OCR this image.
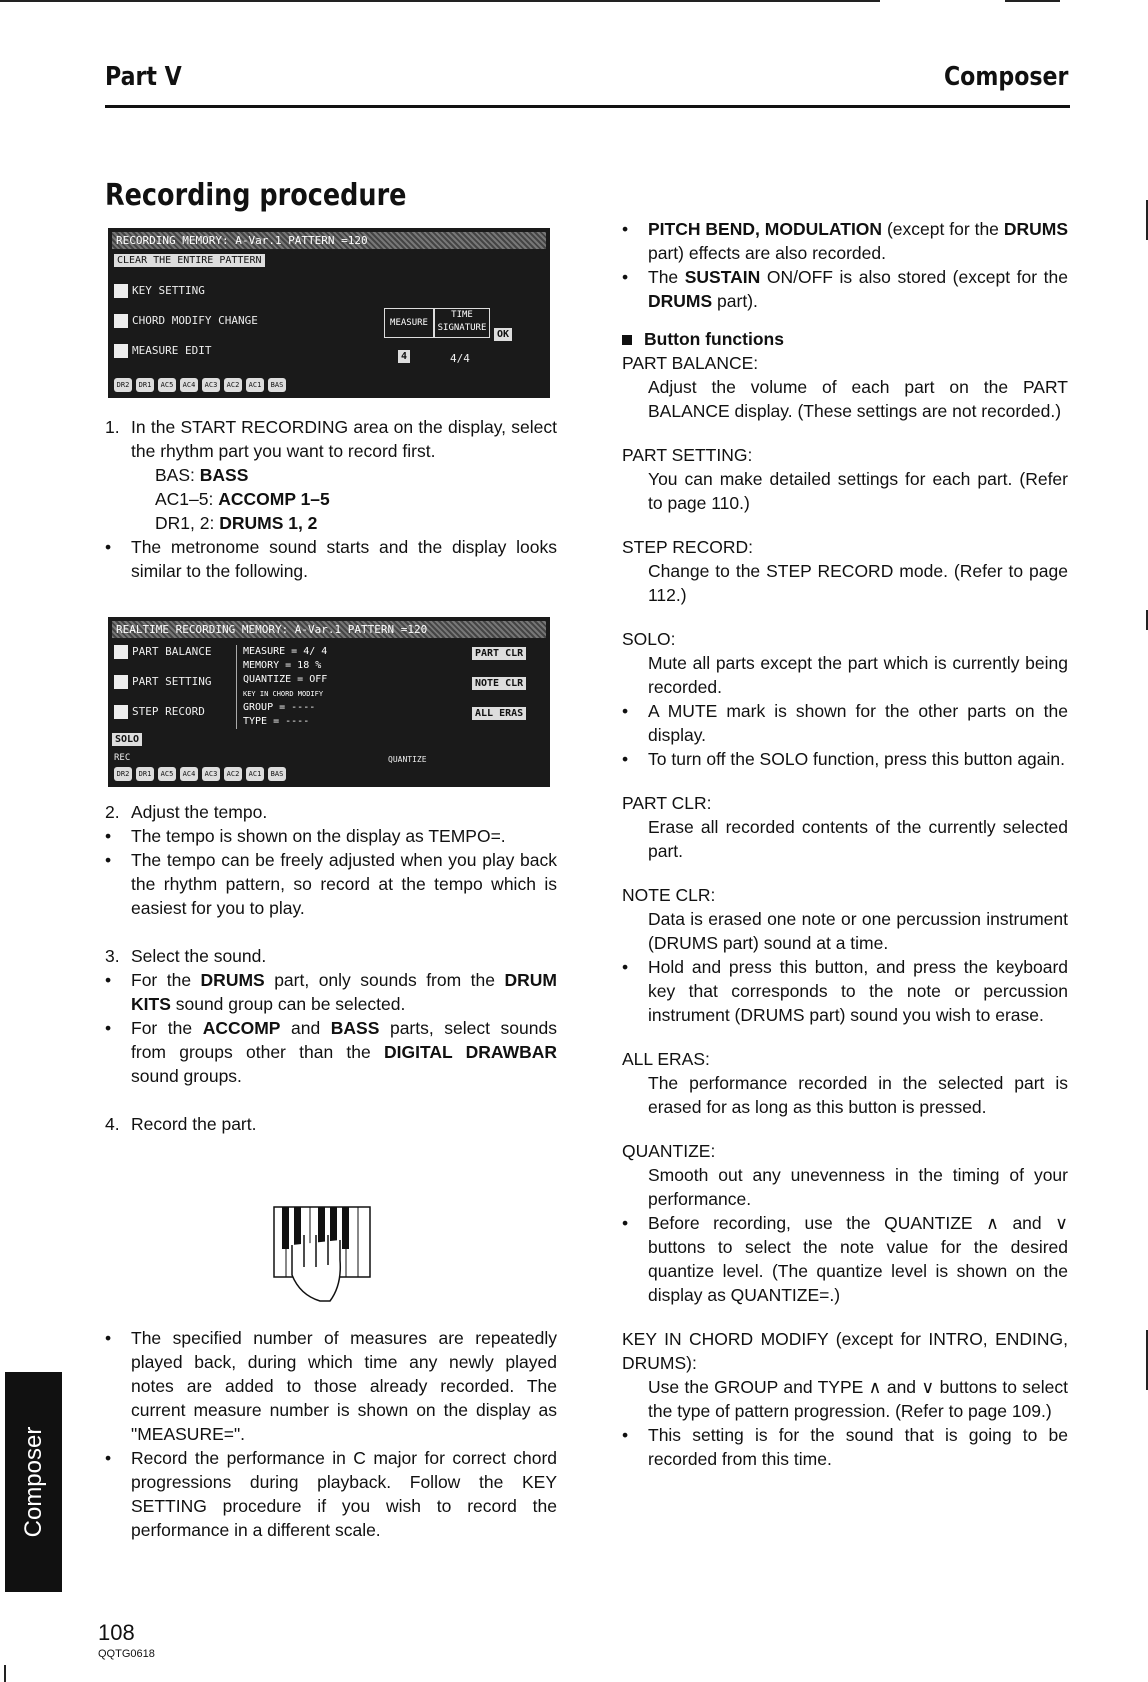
Part V	Composer
Recording procedure
RECORDING MEMORY: A-Var.1 PATTERN =120
CLEAR THE ENTIRE PATTERN
KEY SETTING
CHORD MODIFY CHANGE
MEASURE EDIT
MEASURE
TIME SIGNATURE
4	4/4
OK
DR2	DR1	AC5	AC4	AC3	AC2	AC1	BAS
REALTIME RECORDING MEMORY: A-Var.1 PATTERN =120
PART BALANCE
PART SETTING
STEP RECORD
SOLO
REC
MEASURE = 4/ 4
MEMORY = 18 %
QUANTIZE = OFF
KEY IN CHORD MODIFY
GROUP = ----
TYPE = ----
PART CLR
NOTE CLR
ALL ERAS
QUANTIZE
DR2	DR1	AC5	AC4	AC3	AC2	AC1	BAS
1. In the START RECORDING area on the display, select the rhythm part you want to record first.
BAS: BASS
AC1–5: ACCOMP 1–5
DR1, 2: DRUMS 1, 2
•	The metronome sound starts and the display looks similar to the following.
2. Adjust the tempo.
•	The tempo is shown on the display as TEMPO=.
•	The tempo can be freely adjusted when you play back the rhythm pattern, so record at the tempo which is easiest for you to play.
3. Select the sound.
•	For the DRUMS part, only sounds from the DRUM KITS sound group can be selected.
•	For the ACCOMP and BASS parts, select sounds from groups other than the DIGITAL DRAWBAR sound groups.
4. Record the part.
•	The specified number of measures are repeatedly played back, during which time any newly played notes are added to those already recorded. The current measure number is shown on the display as "MEASURE=".
•	Record the performance in C major for correct chord progressions during playback. Follow the KEY SETTING procedure if you wish to record the performance in a different scale.
•	PITCH BEND, MODULATION (except for the DRUMS part) effects are also recorded.
•	The SUSTAIN ON/OFF is also stored (except for the DRUMS part).
Button functions
PART BALANCE:
Adjust the volume of each part on the PART BALANCE display. (These settings are not recorded.)
PART SETTING:
You can make detailed settings for each part. (Refer to page 110.)
STEP RECORD:
Change to the STEP RECORD mode. (Refer to page 112.)
SOLO:
Mute all parts except the part which is currently being recorded.
•	A MUTE mark is shown for the other parts on the display.
•	To turn off the SOLO function, press this button again.
PART CLR:
Erase all recorded contents of the currently selected part.
NOTE CLR:
Data is erased one note or one percussion instrument (DRUMS part) sound at a time.
•	Hold and press this button, and press the keyboard key that corresponds to the note or percussion instrument (DRUMS part) sound you wish to erase.
ALL ERAS:
The performance recorded in the selected part is erased for as long as this button is pressed.
QUANTIZE:
Smooth out any unevenness in the timing of your performance.
•	Before recording, use the QUANTIZE ∧ and ∨ buttons to select the note value for the desired quantize level. (The quantize level is shown on the display as QUANTIZE=.)
KEY IN CHORD MODIFY (except for INTRO, ENDING, DRUMS):
Use the GROUP and TYPE ∧ and ∨ buttons to select the type of pattern progression. (Refer to page 109.)
•	This setting is for the sound that is going to be recorded from this time.
Composer
108
QQTG0618
